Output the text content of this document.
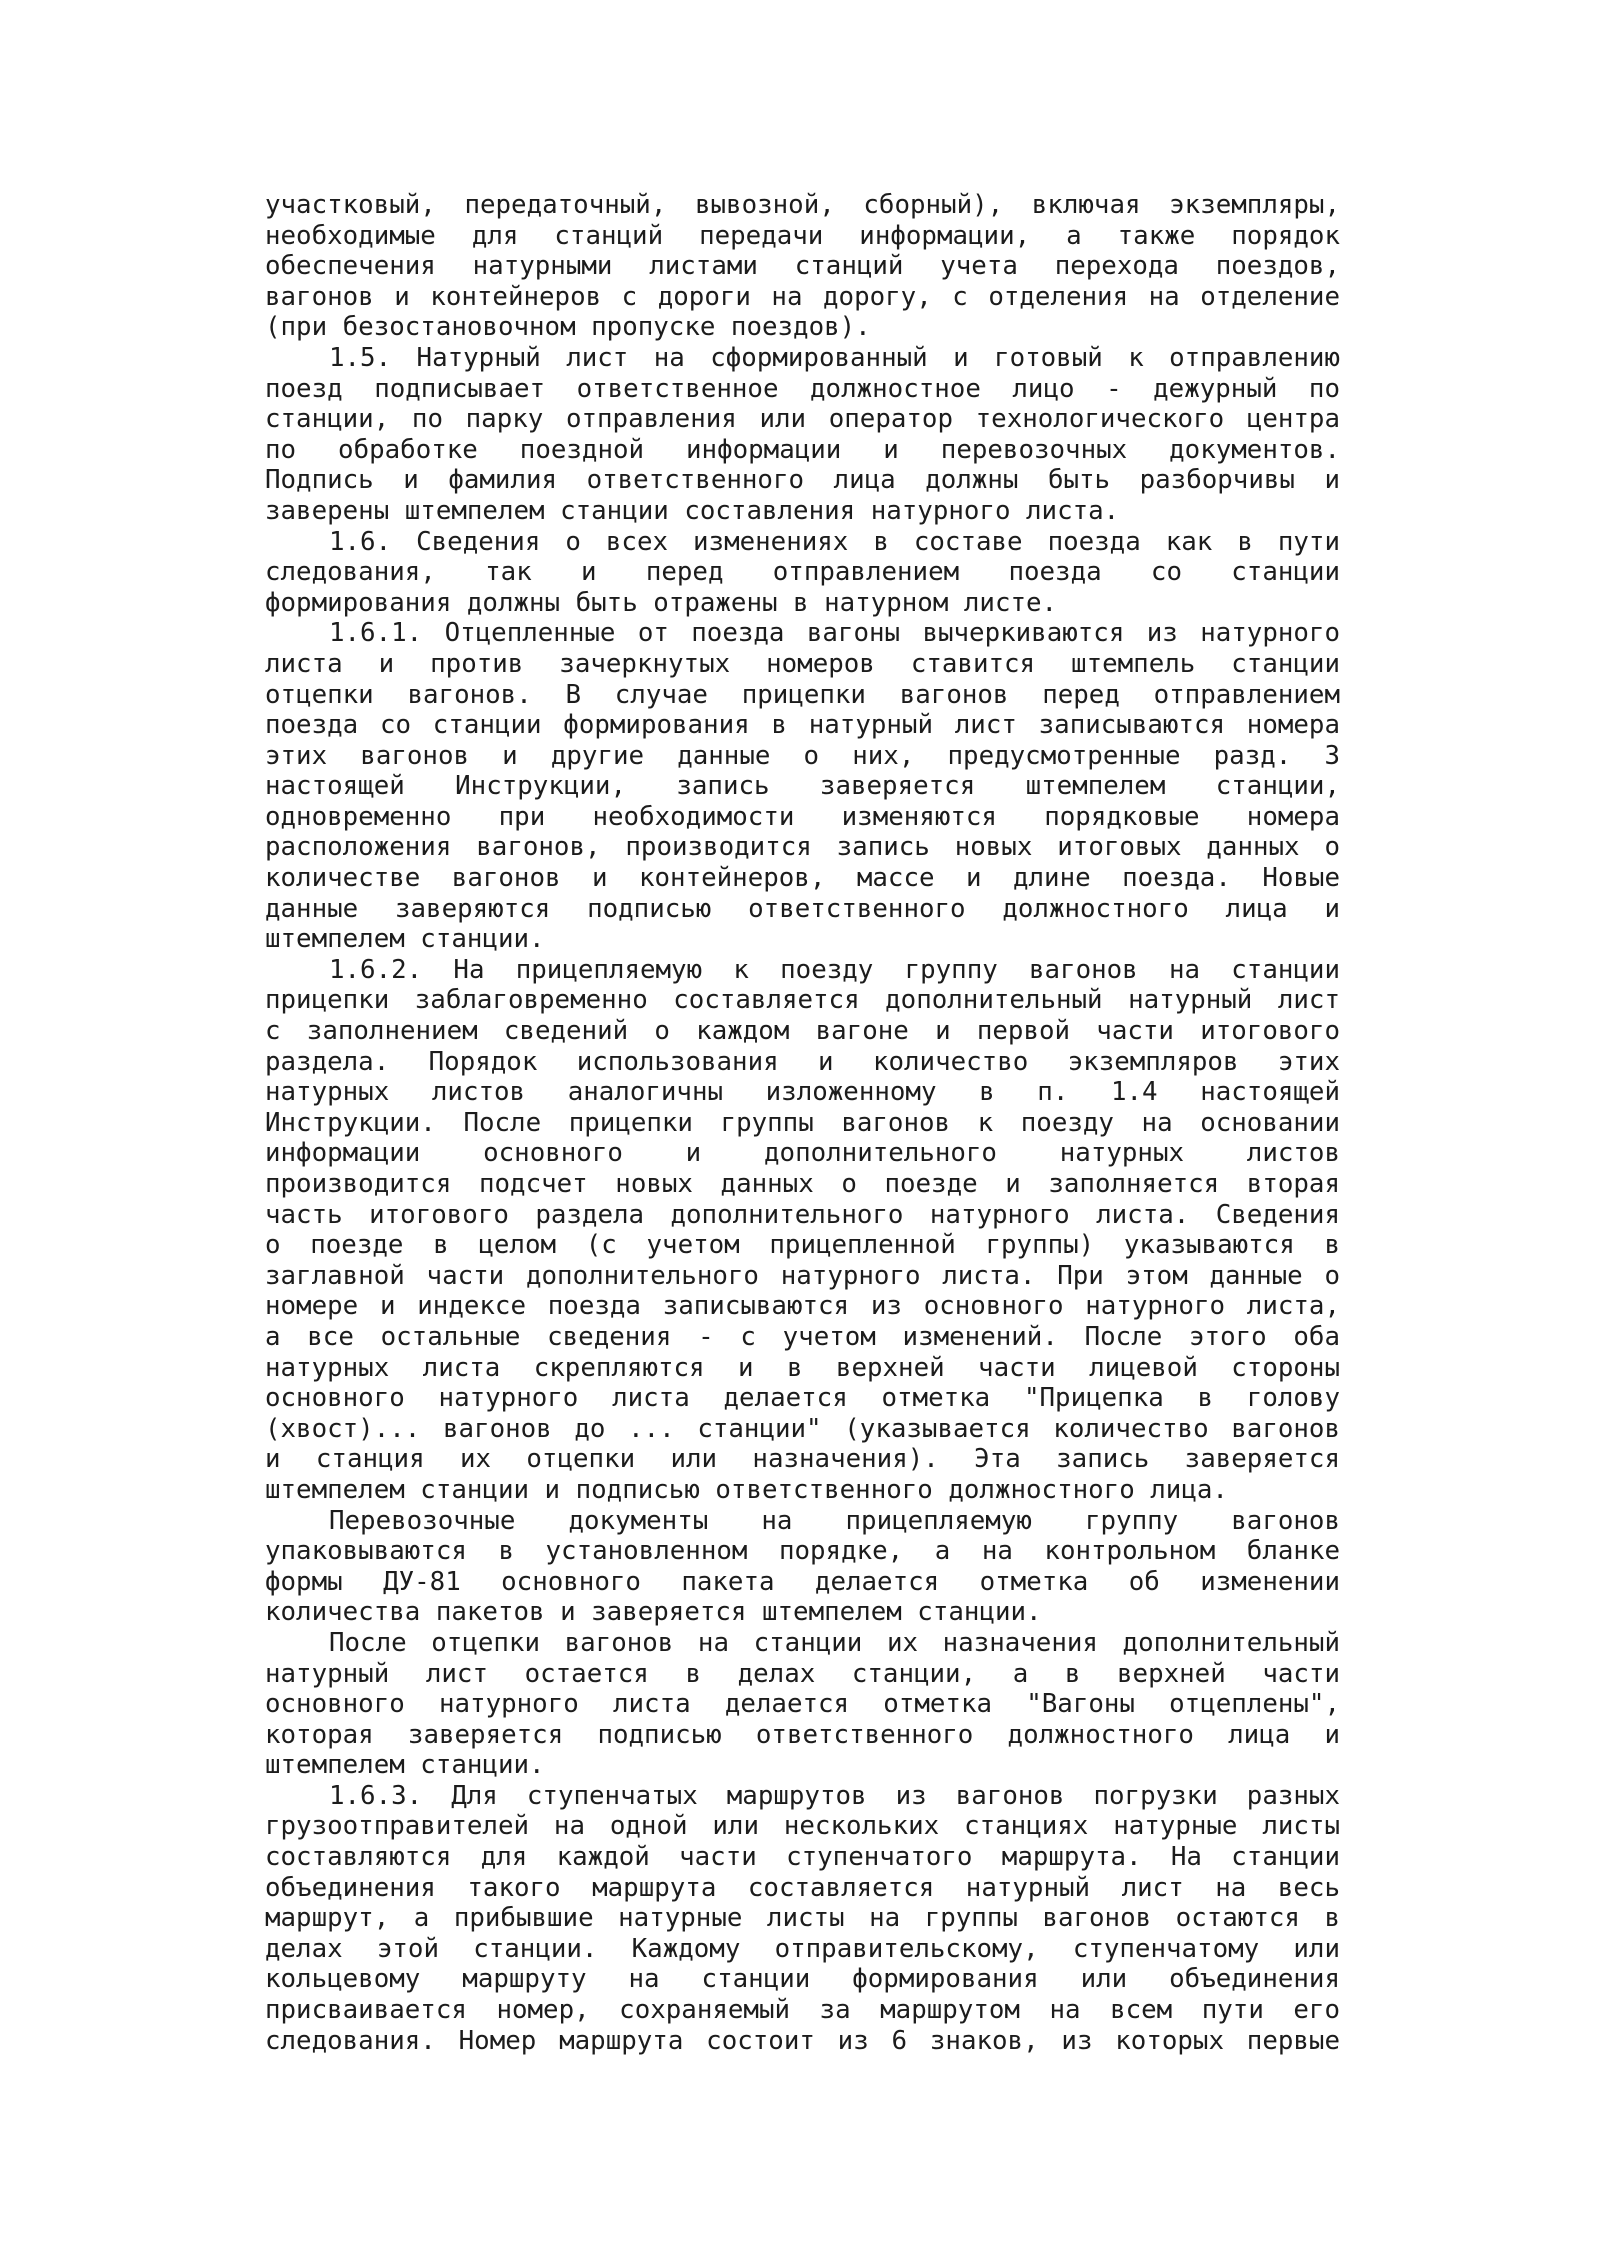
участковый, передаточный, вывозной, сборный), включая экземпляры,
необходимые для станций передачи информации, а также порядок
обеспечения натурными листами станций учета перехода поездов,
вагонов и контейнеров с дороги на дорогу, с отделения на отделение
(при безостановочном пропуске поездов).
1.5. Натурный лист на сформированный и готовый к отправлению
поезд подписывает ответственное должностное лицо - дежурный по
станции, по парку отправления или оператор технологического центра
по обработке поездной информации и перевозочных документов.
Подпись и фамилия ответственного лица должны быть разборчивы и
заверены штемпелем станции составления натурного листа.
1.6. Сведения о всех изменениях в составе поезда как в пути
следования, так и перед отправлением поезда со станции
формирования должны быть отражены в натурном листе.
1.6.1. Отцепленные от поезда вагоны вычеркиваются из натурного
листа и против зачеркнутых номеров ставится штемпель станции
отцепки вагонов. В случае прицепки вагонов перед отправлением
поезда со станции формирования в натурный лист записываются номера
этих вагонов и другие данные о них, предусмотренные разд. 3
настоящей Инструкции, запись заверяется штемпелем станции,
одновременно при необходимости изменяются порядковые номера
расположения вагонов, производится запись новых итоговых данных о
количестве вагонов и контейнеров, массе и длине поезда. Новые
данные заверяются подписью ответственного должностного лица и
штемпелем станции.
1.6.2. На прицепляемую к поезду группу вагонов на станции
прицепки заблаговременно составляется дополнительный натурный лист
с заполнением сведений о каждом вагоне и первой части итогового
раздела. Порядок использования и количество экземпляров этих
натурных листов аналогичны изложенному в п. 1.4 настоящей
Инструкции. После прицепки группы вагонов к поезду на основании
информации основного и дополнительного натурных листов
производится подсчет новых данных о поезде и заполняется вторая
часть итогового раздела дополнительного натурного листа. Сведения
о поезде в целом (с учетом прицепленной группы) указываются в
заглавной части дополнительного натурного листа. При этом данные о
номере и индексе поезда записываются из основного натурного листа,
а все остальные сведения - с учетом изменений. После этого оба
натурных листа скрепляются и в верхней части лицевой стороны
основного натурного листа делается отметка "Прицепка в голову
(хвост)... вагонов до ... станции" (указывается количество вагонов
и станция их отцепки или назначения). Эта запись заверяется
штемпелем станции и подписью ответственного должностного лица.
Перевозочные документы на прицепляемую группу вагонов
упаковываются в установленном порядке, а на контрольном бланке
формы ДУ-81 основного пакета делается отметка об изменении
количества пакетов и заверяется штемпелем станции.
После отцепки вагонов на станции их назначения дополнительный
натурный лист остается в делах станции, а в верхней части
основного натурного листа делается отметка "Вагоны отцеплены",
которая заверяется подписью ответственного должностного лица и
штемпелем станции.
1.6.3. Для ступенчатых маршрутов из вагонов погрузки разных
грузоотправителей на одной или нескольких станциях натурные листы
составляются для каждой части ступенчатого маршрута. На станции
объединения такого маршрута составляется натурный лист на весь
маршрут, а прибывшие натурные листы на группы вагонов остаются в
делах этой станции. Каждому отправительскому, ступенчатому или
кольцевому маршруту на станции формирования или объединения
присваивается номер, сохраняемый за маршрутом на всем пути его
следования. Номер маршрута состоит из 6 знаков, из которых первые
